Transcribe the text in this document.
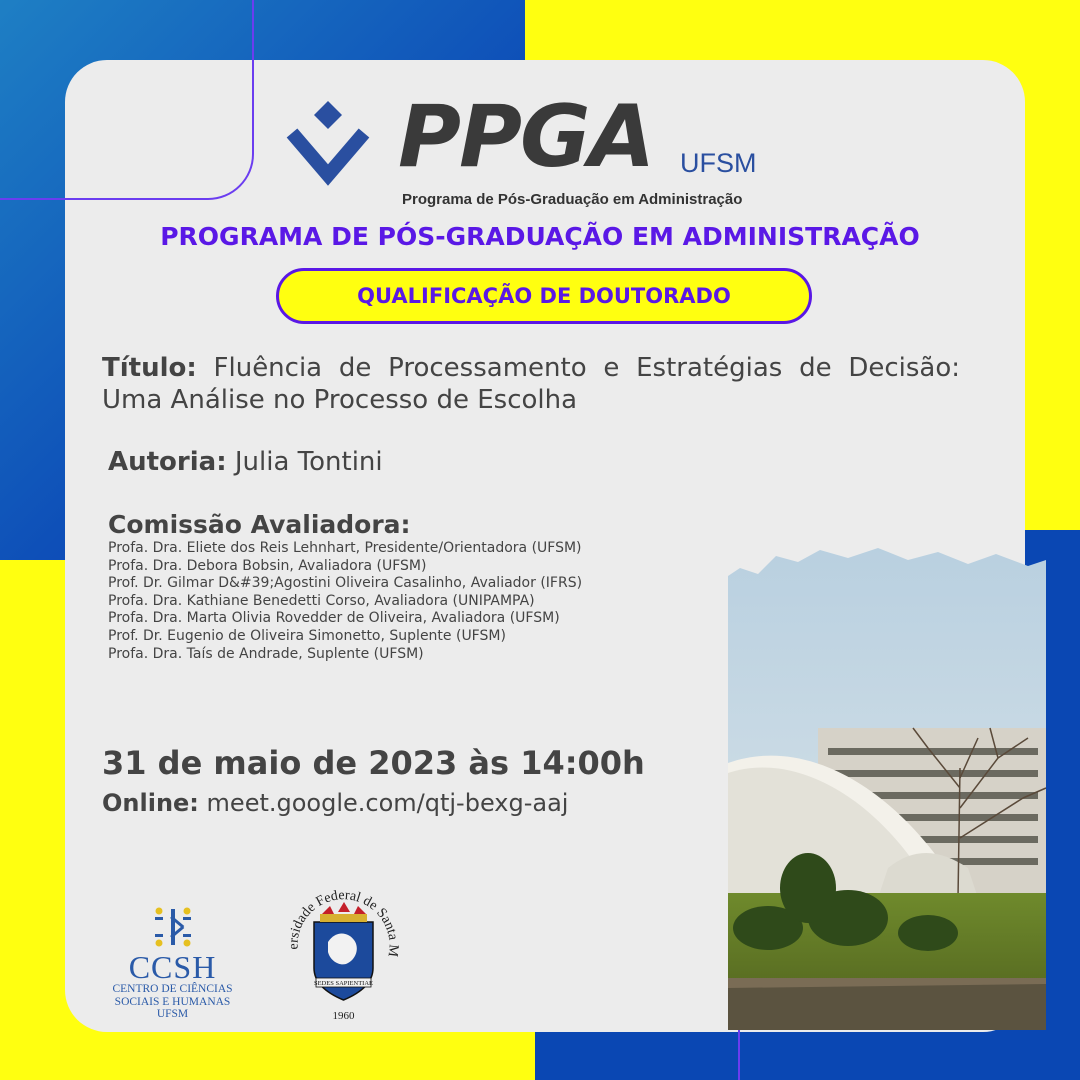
PPGA UFSM
Programa de Pós-Graduação em Administração
PROGRAMA DE PÓS-GRADUAÇÃO EM ADMINISTRAÇÃO
QUALIFICAÇÃO DE DOUTORADO

Título: Fluência de Processamento e Estratégias de Decisão: Uma Análise no Processo de Escolha

Autoria: Julia Tontini

Comissão Avaliadora:
Profa. Dra. Eliete dos Reis Lehnhart, Presidente/Orientadora (UFSM)
Profa. Dra. Debora Bobsin, Avaliadora (UFSM)
Prof. Dr. Gilmar D&#39;Agostini Oliveira Casalinho, Avaliador (IFRS)
Profa. Dra. Kathiane Benedetti Corso, Avaliadora (UNIPAMPA)
Profa. Dra. Marta Olivia Rovedder de Oliveira, Avaliadora (UFSM)
Prof. Dr. Eugenio de Oliveira Simonetto, Suplente (UFSM)
Profa. Dra. Taís de Andrade, Suplente (UFSM)
31 de maio de 2023 às 14:00h

Online: meet.google.com/qtj-bexg-aaj

CCSH
CENTRO DE CIÊNCIAS
SOCIAIS E HUMANAS
UFSM
ersidade Federal de Santa M
SEDES SAPIENTIAE
1960
